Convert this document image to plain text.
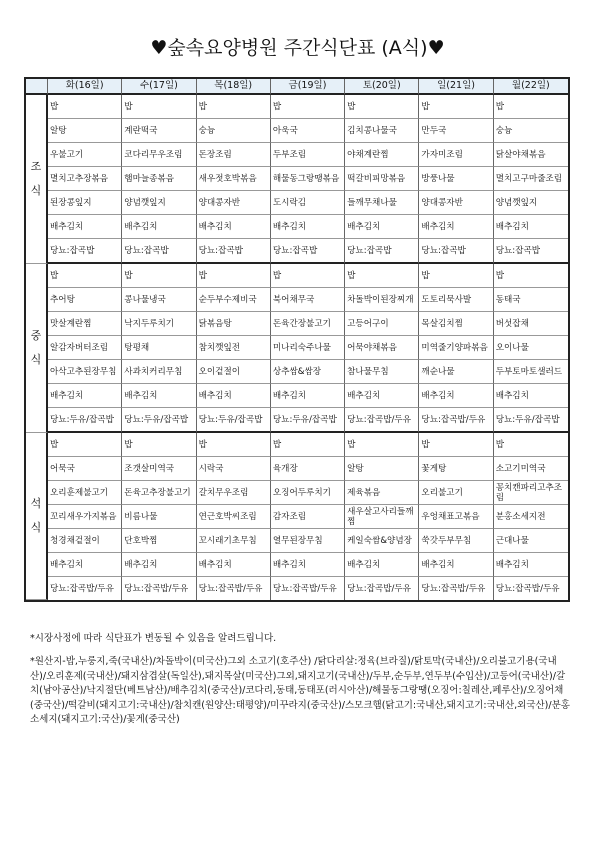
♥숲속요양병원 주간식단표 (A식)♥
	화(16일)	수(17일)	목(18일)	금(19일)	토(20일)	일(21일)	월(22일)
조
식	밥	밥	밥	밥	밥	밥	밥
	알탕	계란떡국	숭늉	아욱국	김치콩나물국	만두국	숭늉
	우불고기	코다리무우조림	돈장조림	두부조림	야채계란찜	가자미조림	닭살야채볶음
	멸치고추장볶음	햄마늘종볶음	새우젓호박볶음	해물동그랑땡볶음	떡갈비피망볶음	방풍나물	멸치고구마줄조림
	된장콩잎지	양념깻잎지	양대콩자반	도시락김	들깨무채나물	양대콩자반	양념깻잎지
	배추김치	배추김치	배추김치	배추김치	배추김치	배추김치	배추김치
	당뇨:잡곡밥	당뇨:잡곡밥	당뇨:잡곡밥	당뇨:잡곡밥	당뇨:잡곡밥	당뇨:잡곡밥	당뇨:잡곡밥
중
식	밥	밥	밥	밥	밥	밥	밥
	추어탕	콩나물냉국	순두부수제비국	북어채무국	차돌박이된장찌개	도토리묵사발	동태국
	맛살계란찜	낙지두루치기	닭볶음탕	돈육간장불고기	고등어구이	목살김치찜	버섯잡채
	알감자버터조림	탕평채	참치깻잎전	미나리숙주나물	어묵야채볶음	미역줄기양파볶음	오이나물
	아삭고추된장무침	사과치커리무침	오이겉절이	상추쌈&쌈장	참나물무침	깨순나물	두부토마토샐러드
	배추김치	배추김치	배추김치	배추김치	배추김치	배추김치	배추김치
	당뇨:두유/잡곡밥	당뇨:두유/잡곡밥	당뇨:두유/잡곡밥	당뇨:두유/잡곡밥	당뇨:잡곡밥/두유	당뇨:잡곡밥/두유	당뇨:두유/잡곡밥
석
식	밥	밥	밥	밥	밥	밥	밥
	어묵국	조갯살미역국	시락국	육개장	알탕	꽃게탕	소고기미역국
	오리훈제불고기	돈육고추장불고기	갈치무우조림	오징어두루치기	제육볶음	오리불고기	꽁치캔파리고추조림
	꼬리새우가지볶음	비름나물	연근호박씨조림	감자조림	새우살고사리들깨찜	우엉채표고볶음	분홍소세지전
	청경채겉절이	단호박찜	꼬시래기초무침	열무된장무침	케일숙쌈&양념장	쑥갓두부무침	근대나물
	배추김치	배추김치	배추김치	배추김치	배추김치	배추김치	배추김치
	당뇨:잡곡밥/두유	당뇨:잡곡밥/두유	당뇨:잡곡밥/두유	당뇨:잡곡밥/두유	당뇨:잡곡밥/두유	당뇨:잡곡밥/두유	당뇨:잡곡밥/두유
*시장사정에 따라 식단표가 변동될 수 있음을 알려드립니다.
*원산지-밥,누룽지,죽(국내산)/차돌박이(미국산)그외 소고기(호주산) /닭다리살:정육(브라질)/닭토막(국내산)/오리불고기용(국내산)/오리훈제(국내산)/돼지삼겹살(독일산),돼지목살(미국산)그외,돼지고기(국내산)/두부,순두부,연두부(수입산)/고등어(국내산)/갈치(남아공산)/낙지절단(베트남산)/배추김치(중국산)/코다리,동태,동태포(러시아산)/해물동그랑땡(오징어:칠레산,페루산)/오징어채(중국산)/떡갈비(돼지고기:국내산)/참치캔(원양산:태평양)/미꾸라지(중국산)/스모크햄(닭고기:국내산,돼지고기:국내산,외국산)/분홍소세지(돼지고기:국산)/꽃게(중국산)
